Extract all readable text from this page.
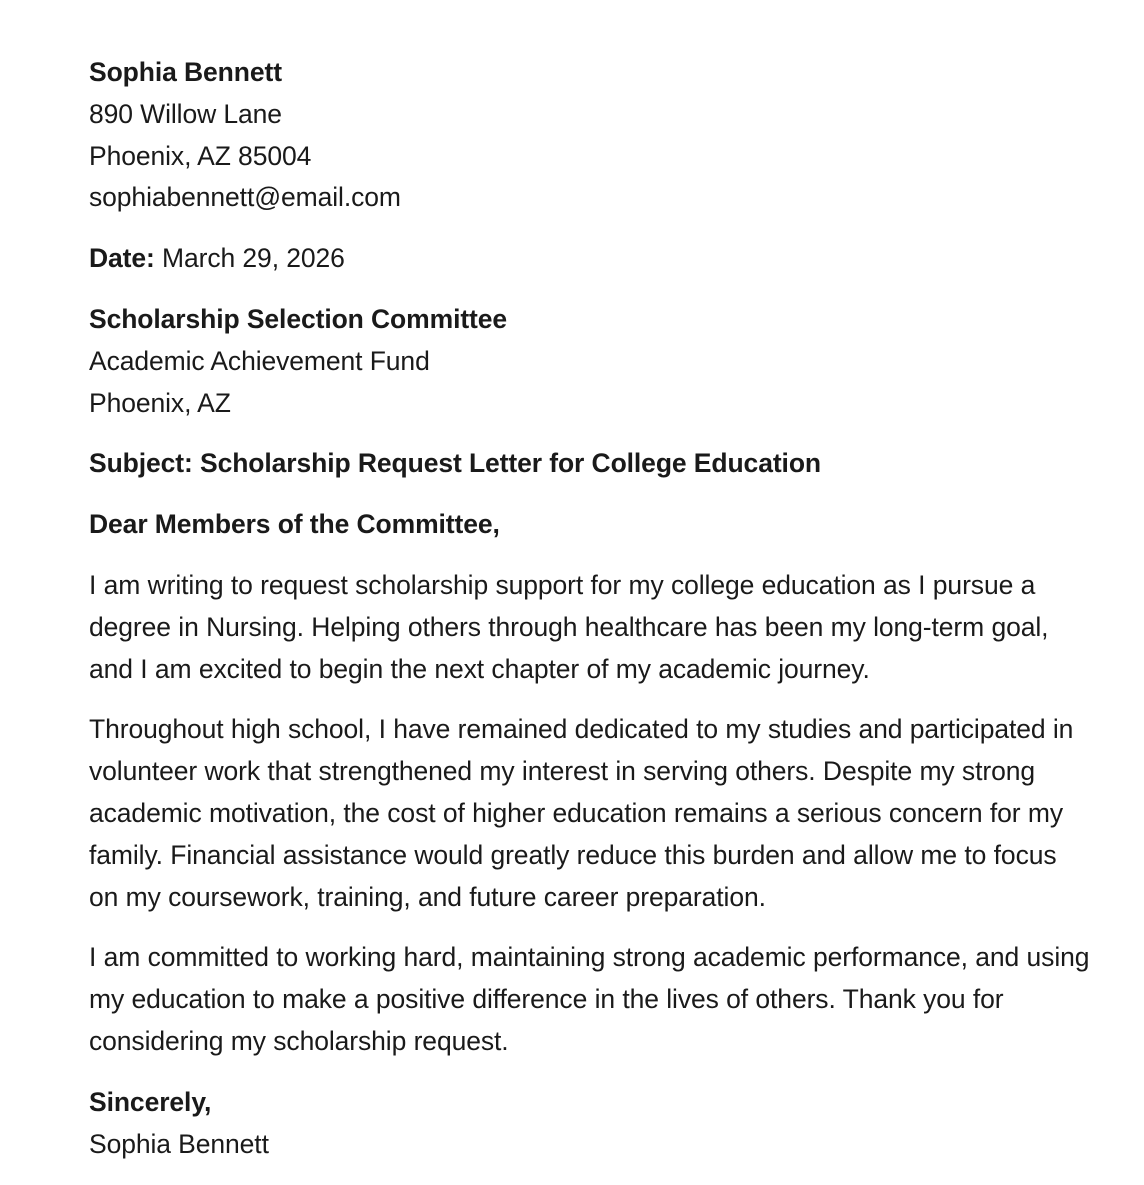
Sophia Bennett
890 Willow Lane
Phoenix, AZ 85004
sophiabennett@email.com
Date: March 29, 2026
Scholarship Selection Committee
Academic Achievement Fund
Phoenix, AZ
Subject: Scholarship Request Letter for College Education
Dear Members of the Committee,

I am writing to request scholarship support for my college education as I pursue a degree in Nursing. Helping others through healthcare has been my long-term goal, and I am excited to begin the next chapter of my academic journey.

Throughout high school, I have remained dedicated to my studies and participated in volunteer work that strengthened my interest in serving others. Despite my strong academic motivation, the cost of higher education remains a serious concern for my family. Financial assistance would greatly reduce this burden and allow me to focus on my coursework, training, and future career preparation.

I am committed to working hard, maintaining strong academic performance, and using my education to make a positive difference in the lives of others. Thank you for considering my scholarship request.

Sincerely,
Sophia Bennett
